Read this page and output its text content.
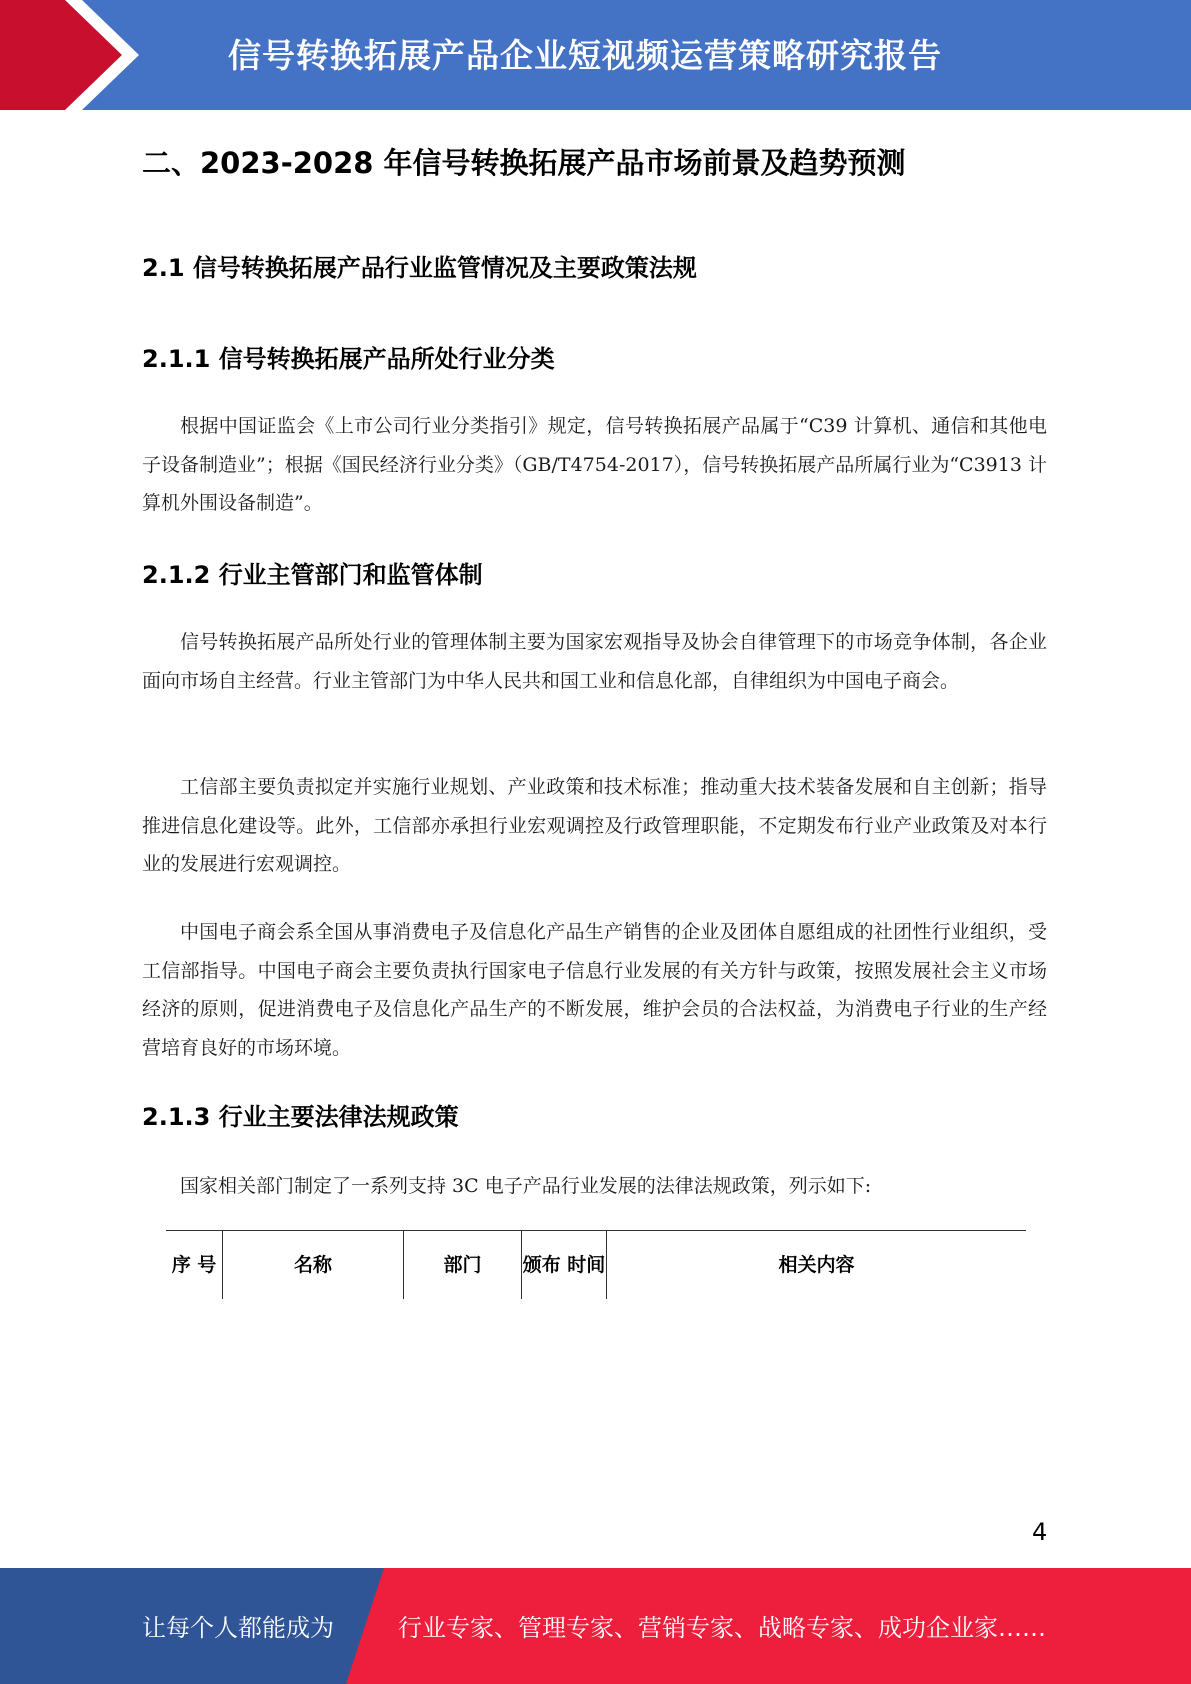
信号转换拓展产品企业短视频运营策略研究报告
二、2023-2028 年信号转换拓展产品市场前景及趋势预测
2.1 信号转换拓展产品行业监管情况及主要政策法规
2.1.1 信号转换拓展产品所处行业分类

根据中国证监会《上市公司行业分类指引》规定，信号转换拓展产品属于“C39 计算机、通信和其他电子设备制造业”；根据《国民经济行业分类》（GB/T4754-2017），信号转换拓展产品所属行业为“C3913 计算机外围设备制造”。

2.1.2 行业主管部门和监管体制

信号转换拓展产品所处行业的管理体制主要为国家宏观指导及协会自律管理下的市场竞争体制，各企业面向市场自主经营。行业主管部门为中华人民共和国工业和信息化部，自律组织为中国电子商会。

工信部主要负责拟定并实施行业规划、产业政策和技术标准；推动重大技术装备发展和自主创新；指导推进信息化建设等。此外，工信部亦承担行业宏观调控及行政管理职能，不定期发布行业产业政策及对本行业的发展进行宏观调控。

中国电子商会系全国从事消费电子及信息化产品生产销售的企业及团体自愿组成的社团性行业组织，受工信部指导。中国电子商会主要负责执行国家电子信息行业发展的有关方针与政策，按照发展社会主义市场经济的原则，促进消费电子及信息化产品生产的不断发展，维护会员的合法权益，为消费电子行业的生产经营培育良好的市场环境。

2.1.3 行业主要法律法规政策

国家相关部门制定了一系列支持 3C 电子产品行业发展的法律法规政策，列示如下:

序 号	名称	部门	颁布 时间	相关内容
4
让每个人都能成为	行业专家、管理专家、营销专家、战略专家、成功企业家……
